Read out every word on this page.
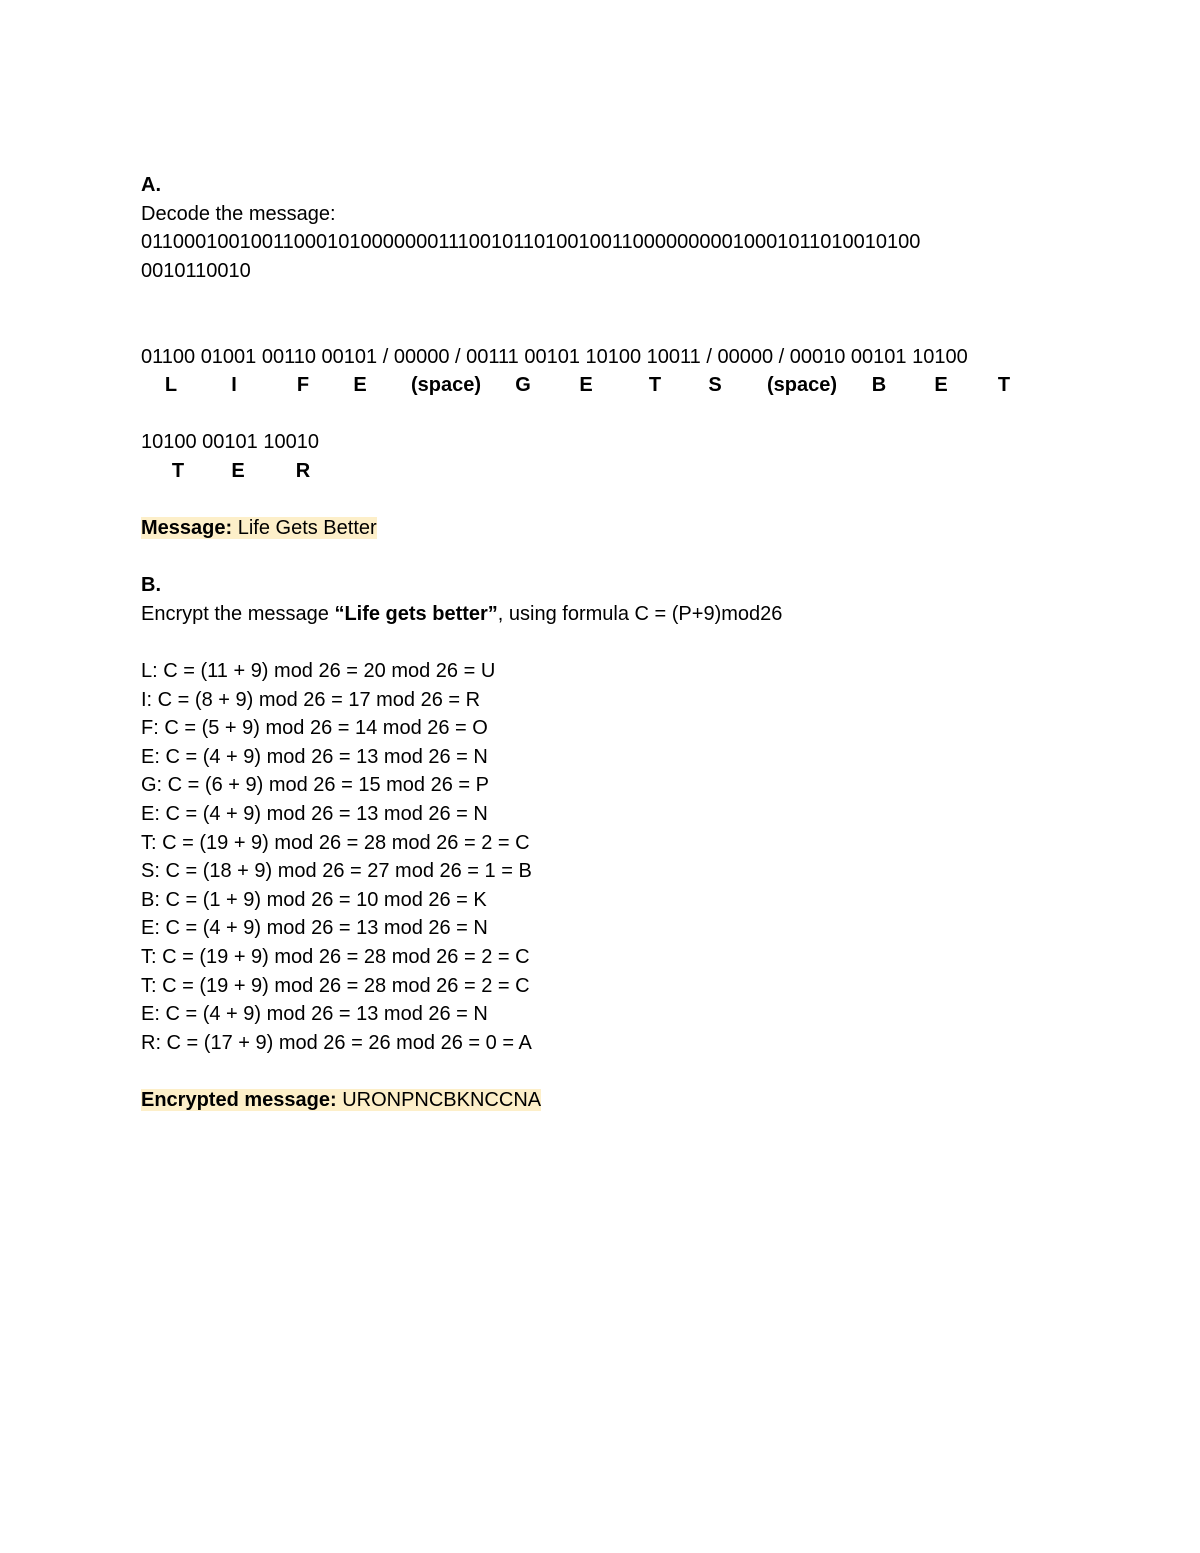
A.
Decode the message:
01100010010011000101000000011100101101001001100000000010001011010010100
0010110010
01100 01001 00110 00101 / 00000 / 00111 00101 10100 10011 / 00000 / 00010 00101 10100
L	I	F E (space) G E	T S (space) B E	T
10100 00101 10010
T E	R
Message: Life Gets Better
B.
Encrypt the message “Life gets better”, using formula C = (P+9)mod26
L: C = (11 + 9) mod 26 = 20 mod 26 = U
I: C = (8 + 9) mod 26 = 17 mod 26 = R
F: C = (5 + 9) mod 26 = 14 mod 26 = O
E: C = (4 + 9) mod 26 = 13 mod 26 = N
G: C = (6 + 9) mod 26 = 15 mod 26 = P
E: C = (4 + 9) mod 26 = 13 mod 26 = N
T: C = (19 + 9) mod 26 = 28 mod 26 = 2 = C
S: C = (18 + 9) mod 26 = 27 mod 26 = 1 = B
B: C = (1 + 9) mod 26 = 10 mod 26 = K
E: C = (4 + 9) mod 26 = 13 mod 26 = N
T: C = (19 + 9) mod 26 = 28 mod 26 = 2 = C
T: C = (19 + 9) mod 26 = 28 mod 26 = 2 = C
E: C = (4 + 9) mod 26 = 13 mod 26 = N
R: C = (17 + 9) mod 26 = 26 mod 26 = 0 = A
Encrypted message: URONPNCBKNCCNA
